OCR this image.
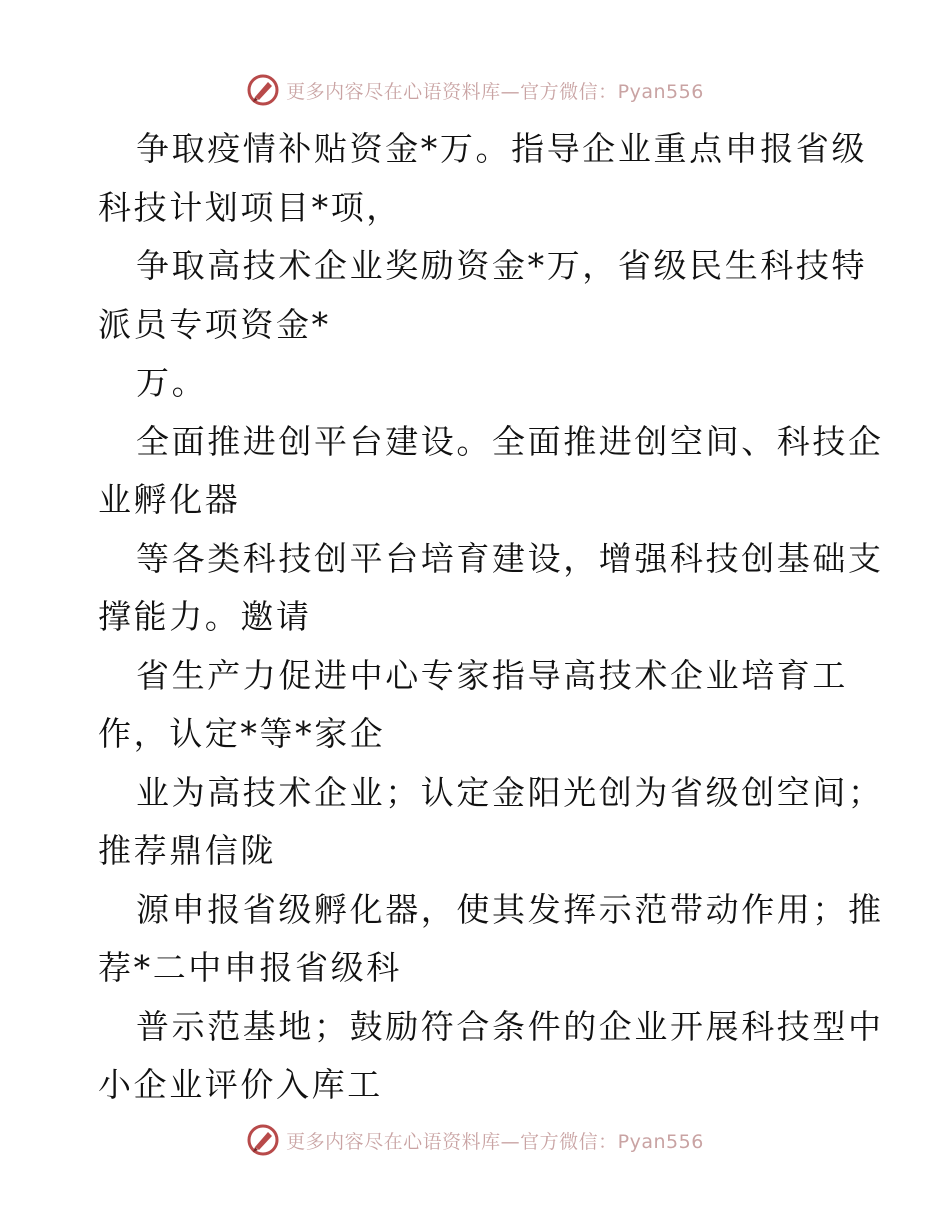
更多内容尽在心语资料库—官方微信：Pyan556
争取疫情补贴资金*万。指导企业重点申报省级
科技计划项目*项，
争取高技术企业奖励资金*万，省级民生科技特
派员专项资金*
万。
全面推进创平台建设。全面推进创空间、科技企
业孵化器
等各类科技创平台培育建设，增强科技创基础支
撑能力。邀请
省生产力促进中心专家指导高技术企业培育工
作，认定*等*家企
业为高技术企业；认定金阳光创为省级创空间；
推荐鼎信陇
源申报省级孵化器，使其发挥示范带动作用；推
荐*二中申报省级科
普示范基地；鼓励符合条件的企业开展科技型中
小企业评价入库工
更多内容尽在心语资料库—官方微信：Pyan556
